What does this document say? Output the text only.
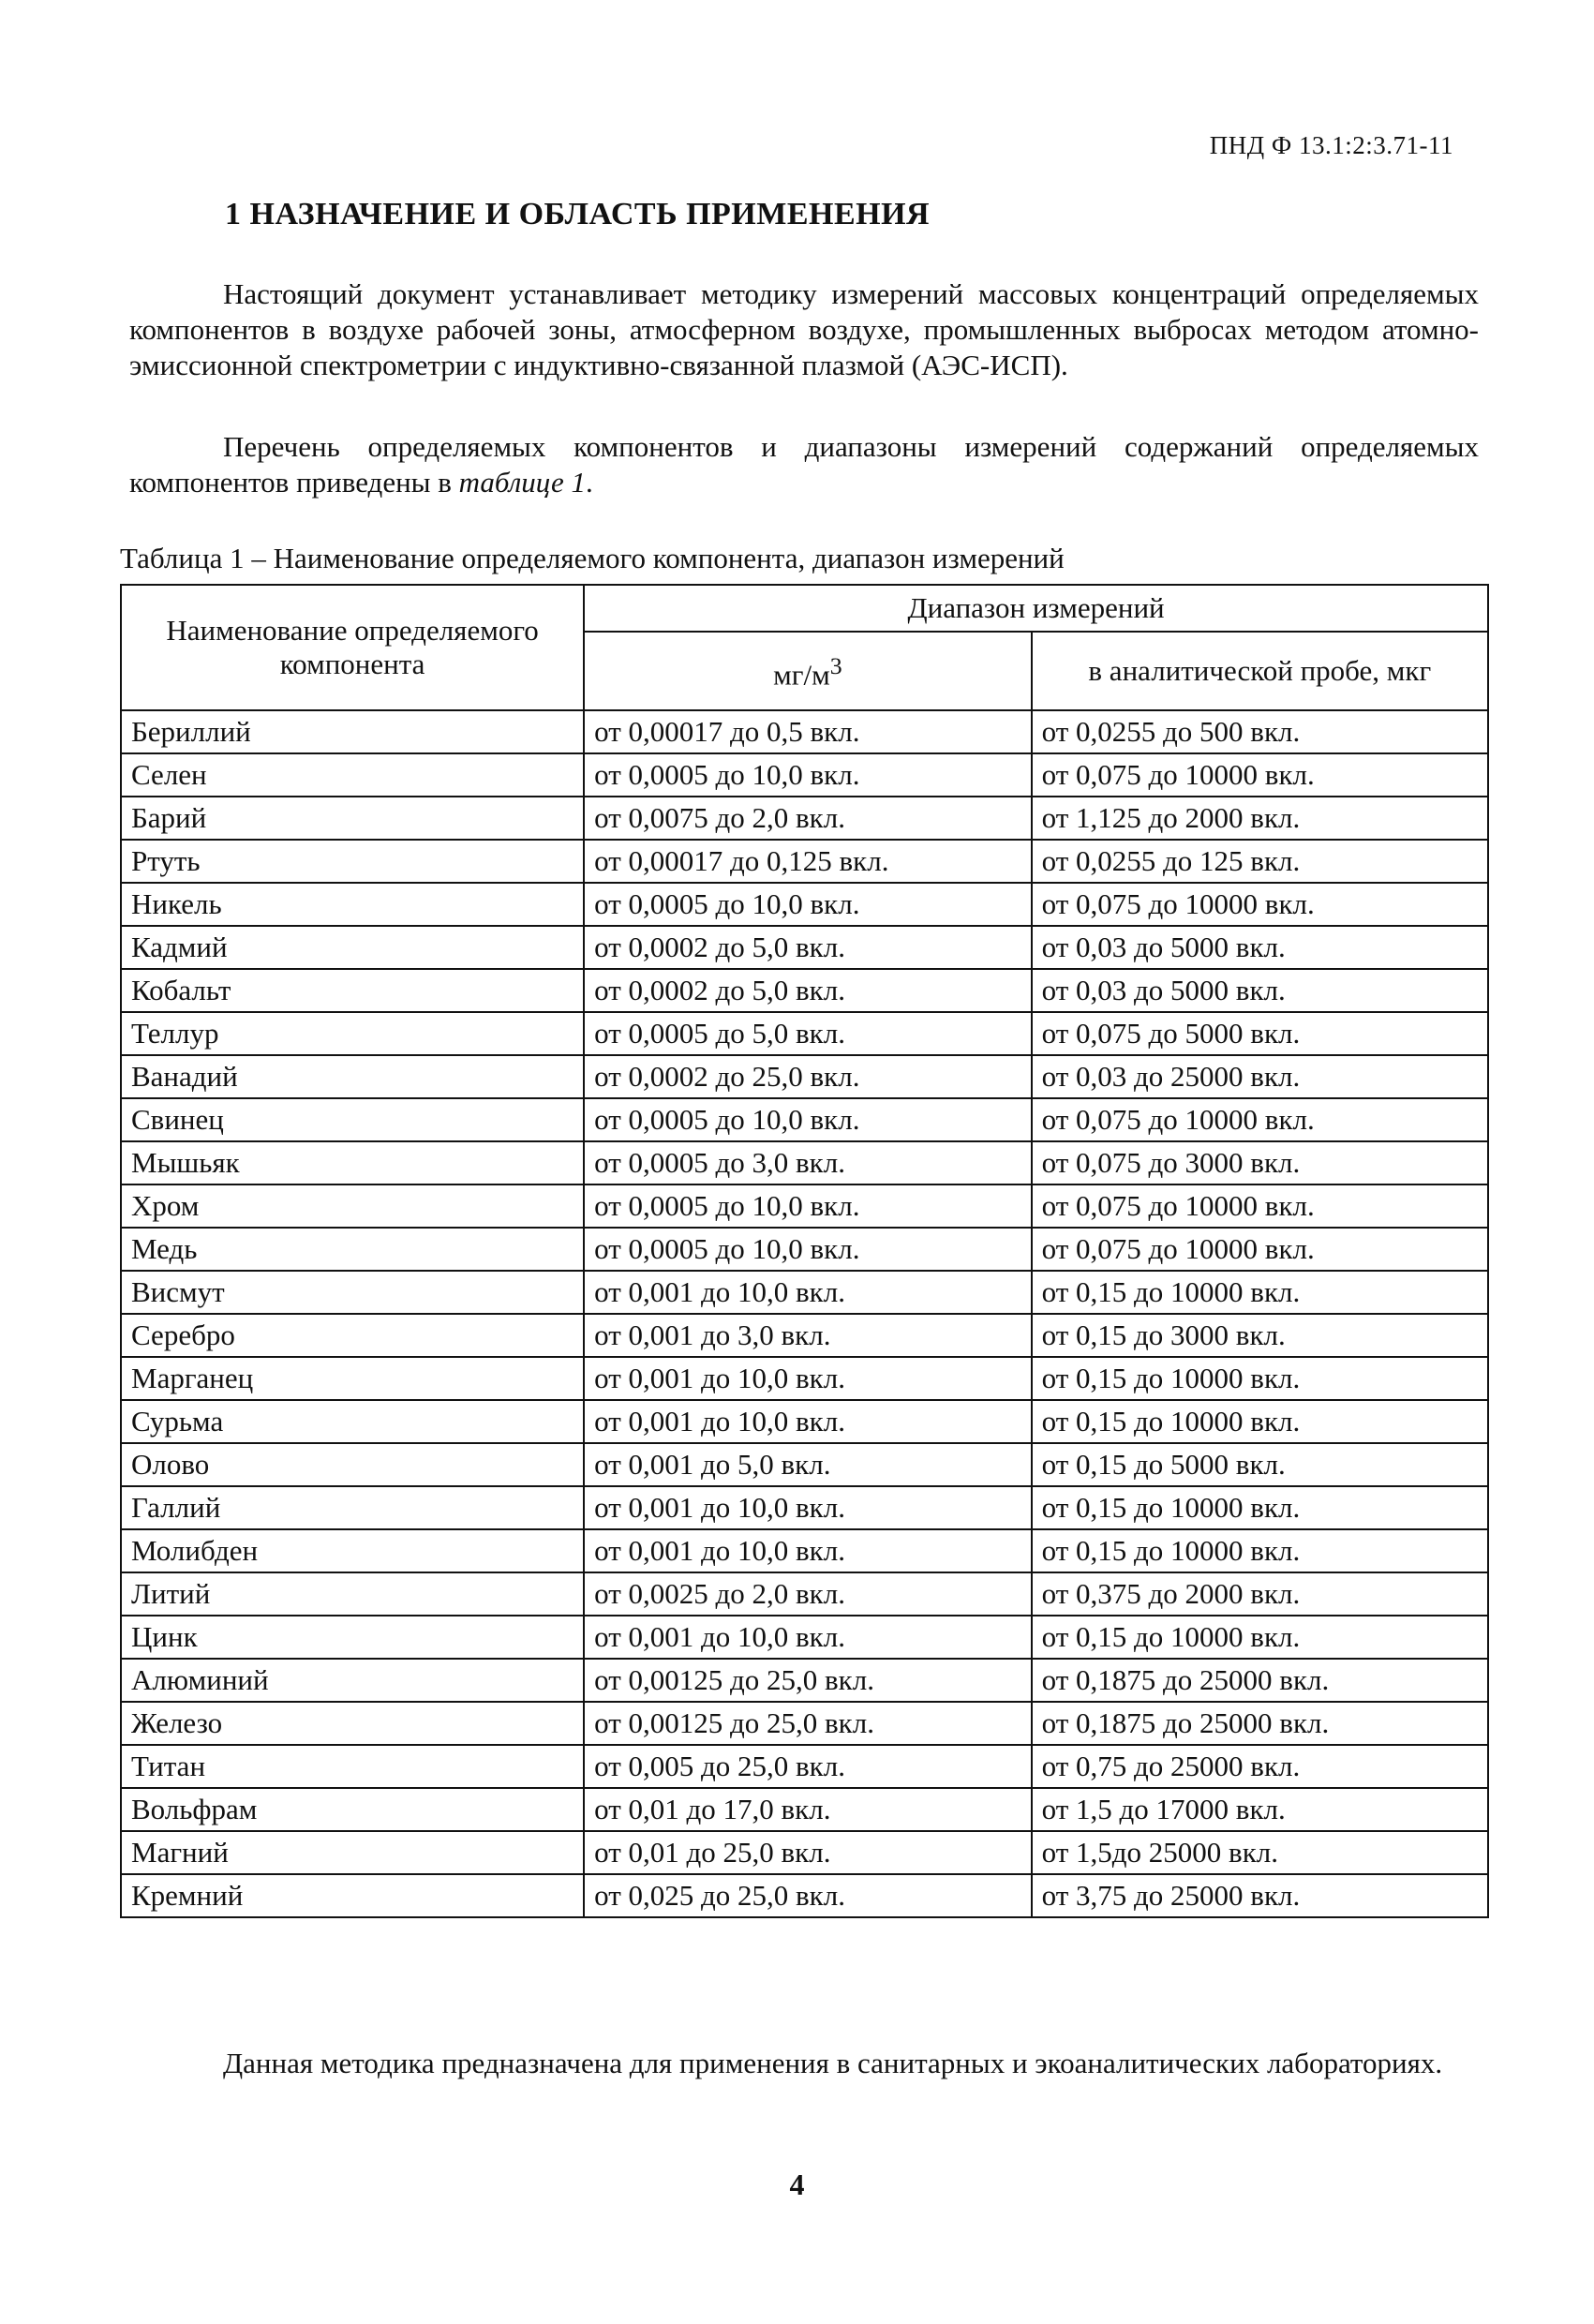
ПНД Ф 13.1:2:3.71-11
1 НАЗНАЧЕНИЕ И ОБЛАСТЬ ПРИМЕНЕНИЯ

Настоящий документ устанавливает методику измерений массовых концентраций определяемых компонентов в воздухе рабочей зоны, атмосферном воздухе, промышленных выбросах методом атомно-эмиссионной спектрометрии с индуктивно-связанной плазмой (АЭС-ИСП).

Перечень определяемых компонентов и диапазоны измерений содержаний определяемых компонентов приведены в таблице 1.

Таблица 1 – Наименование определяемого компонента, диапазон измерений

Наименование определяемого компонента	Диапазон измерений	
	$мг/м^3$	в аналитической пробе, мкг
Бериллий	от 0,00017 до 0,5 вкл.	от 0,0255 до 500 вкл.
Селен	от 0,0005 до 10,0 вкл.	от 0,075 до 10000 вкл.
Барий	от 0,0075 до 2,0 вкл.	от 1,125 до 2000 вкл.
Ртуть	от 0,00017 до 0,125 вкл.	от 0,0255 до 125 вкл.
Никель	от 0,0005 до 10,0 вкл.	от 0,075 до 10000 вкл.
Кадмий	от 0,0002 до 5,0 вкл.	от 0,03 до 5000 вкл.
Кобальт	от 0,0002 до 5,0 вкл.	от 0,03 до 5000 вкл.
Теллур	от 0,0005 до 5,0 вкл.	от 0,075 до 5000 вкл.
Ванадий	от 0,0002 до 25,0 вкл.	от 0,03 до 25000 вкл.
Свинец	от 0,0005 до 10,0 вкл.	от 0,075 до 10000 вкл.
Мышьяк	от 0,0005 до 3,0 вкл.	от 0,075 до 3000 вкл.
Хром	от 0,0005 до 10,0 вкл.	от 0,075 до 10000 вкл.
Медь	от 0,0005 до 10,0 вкл.	от 0,075 до 10000 вкл.
Висмут	от 0,001 до 10,0 вкл.	от 0,15 до 10000 вкл.
Серебро	от 0,001 до 3,0 вкл.	от 0,15 до 3000 вкл.
Марганец	от 0,001 до 10,0 вкл.	от 0,15 до 10000 вкл.
Сурьма	от 0,001 до 10,0 вкл.	от 0,15 до 10000 вкл.
Олово	от 0,001 до 5,0 вкл.	от 0,15 до 5000 вкл.
Галлий	от 0,001 до 10,0 вкл.	от 0,15 до 10000 вкл.
Молибден	от 0,001 до 10,0 вкл.	от 0,15 до 10000 вкл.
Литий	от 0,0025 до 2,0 вкл.	от 0,375 до 2000 вкл.
Цинк	от 0,001 до 10,0 вкл.	от 0,15 до 10000 вкл.
Алюминий	от 0,00125 до 25,0 вкл.	от 0,1875 до 25000 вкл.
Железо	от 0,00125 до 25,0 вкл.	от 0,1875 до 25000 вкл.
Титан	от 0,005 до 25,0 вкл.	от 0,75 до 25000 вкл.
Вольфрам	от 0,01 до 17,0 вкл.	от 1,5 до 17000 вкл.
Магний	от 0,01 до 25,0 вкл.	от 1,5до 25000 вкл.
Кремний	от 0,025 до 25,0 вкл.	от 3,75 до 25000 вкл.

Данная методика предназначена для применения в санитарных и экоаналитических лабораториях.

4
